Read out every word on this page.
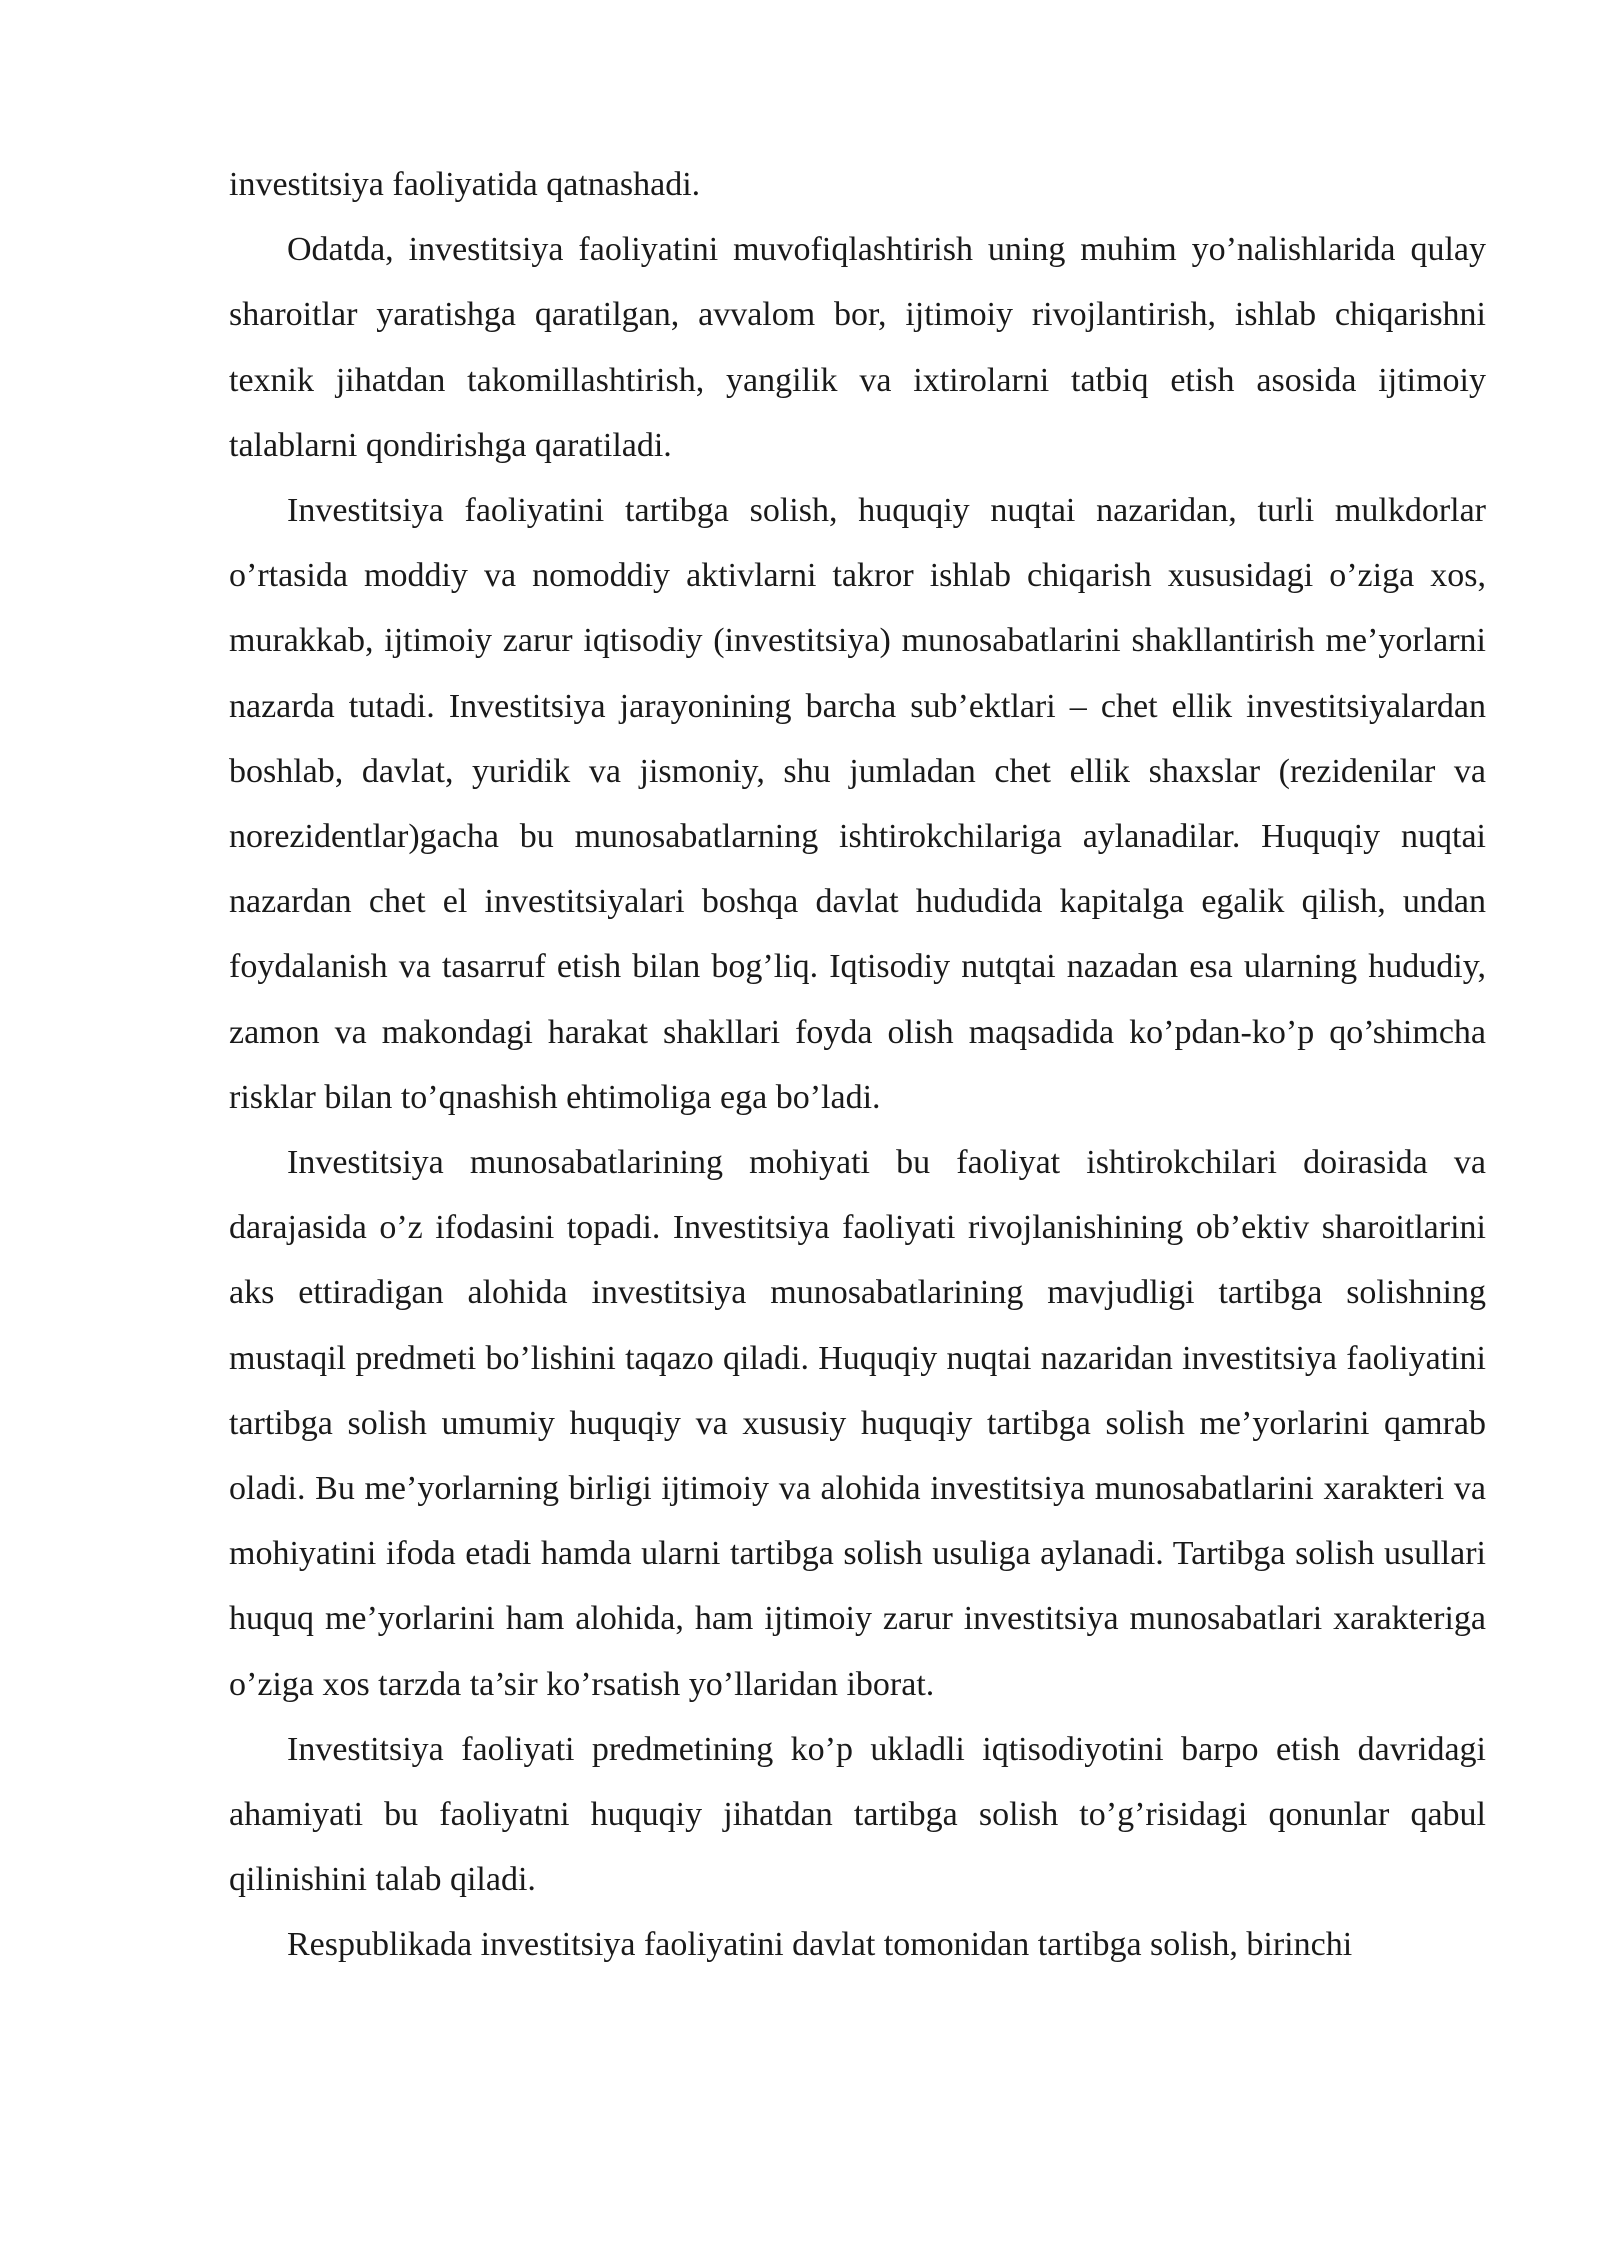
investitsiya faoliyatida qatnashadi.

Odatda, investitsiya faoliyatini muvofiqlashtirish uning muhim yo’nalishlarida qulay sharoitlar yaratishga qaratilgan, avvalom bor, ijtimoiy rivojlantirish, ishlab chiqarishni texnik jihatdan takomillashtirish, yangilik va ixtirolarni tatbiq etish asosida ijtimoiy talablarni qondirishga qaratiladi.

Investitsiya faoliyatini tartibga solish, huquqiy nuqtai nazaridan, turli mulkdorlar o’rtasida moddiy va nomoddiy aktivlarni takror ishlab chiqarish xususidagi o’ziga xos, murakkab, ijtimoiy zarur iqtisodiy (investitsiya) munosabatlarini shakllantirish me’yorlarni nazarda tutadi. Investitsiya jarayonining barcha sub’ektlari – chet ellik investitsiyalardan boshlab, davlat, yuridik va jismoniy, shu jumladan chet ellik shaxslar (rezidenilar va norezidentlar)gacha bu munosabatlarning ishtirokchilariga aylanadilar. Huquqiy nuqtai nazardan chet el investitsiyalari boshqa davlat hududida kapitalga egalik qilish, undan foydalanish va tasarruf etish bilan bog’liq. Iqtisodiy nutqtai nazadan esa ularning hududiy, zamon va makondagi harakat shakllari foyda olish maqsadida ko’pdan-ko’p qo’shimcha risklar bilan to’qnashish ehtimoliga ega bo’ladi.

Investitsiya munosabatlarining mohiyati bu faoliyat ishtirokchilari doirasida va darajasida o’z ifodasini topadi. Investitsiya faoliyati rivojlanishining ob’ektiv sharoitlarini aks ettiradigan alohida investitsiya munosabatlarining mavjudligi tartibga solishning mustaqil predmeti bo’lishini taqazo qiladi. Huquqiy nuqtai nazaridan investitsiya faoliyatini tartibga solish umumiy huquqiy va xususiy huquqiy tartibga solish me’yorlarini qamrab oladi. Bu me’yorlarning birligi ijtimoiy va alohida investitsiya munosabatlarini xarakteri va mohiyatini ifoda etadi hamda ularni tartibga solish usuliga aylanadi. Tartibga solish usullari huquq me’yorlarini ham alohida, ham ijtimoiy zarur investitsiya munosabatlari xarakteriga o’ziga xos tarzda ta’sir ko’rsatish yo’llaridan iborat.

Investitsiya faoliyati predmetining ko’p ukladli iqtisodiyotini barpo etish davridagi ahamiyati bu faoliyatni huquqiy jihatdan tartibga solish to’g’risidagi qonunlar qabul qilinishini talab qiladi.

Respublikada investitsiya faoliyatini davlat tomonidan tartibga solish, birinchi
